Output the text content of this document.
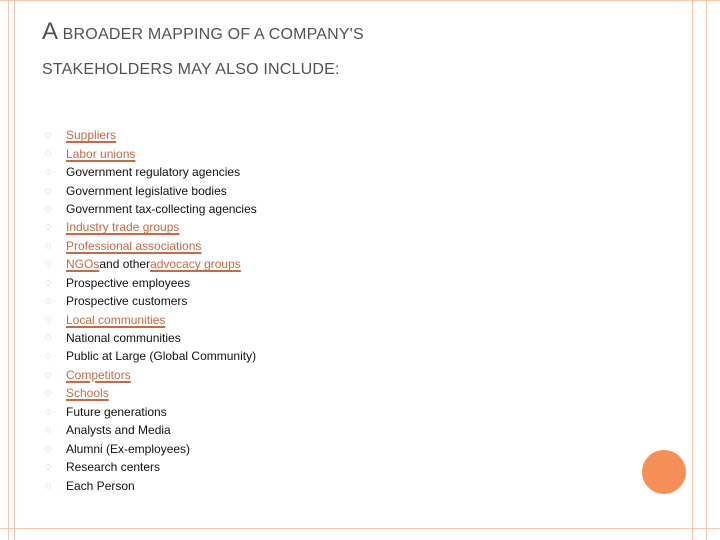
A BROADER MAPPING OF A COMPANY'S
STAKEHOLDERS MAY ALSO INCLUDE:
◌ Suppliers
◌ Labor unions
◌ Government regulatory agencies
◌ Government legislative bodies
◌ Government tax-collecting agencies
◌ Industry trade groups
◌ Professional associations
◌ NGOs and other advocacy groups
◌ Prospective employees
◌ Prospective customers
◌ Local communities
◌ National communities
◌ Public at Large (Global Community)
◌ Competitors
◌ Schools
◌ Future generations
◌ Analysts and Media
◌ Alumni (Ex-employees)
◌ Research centers
◌ Each Person
